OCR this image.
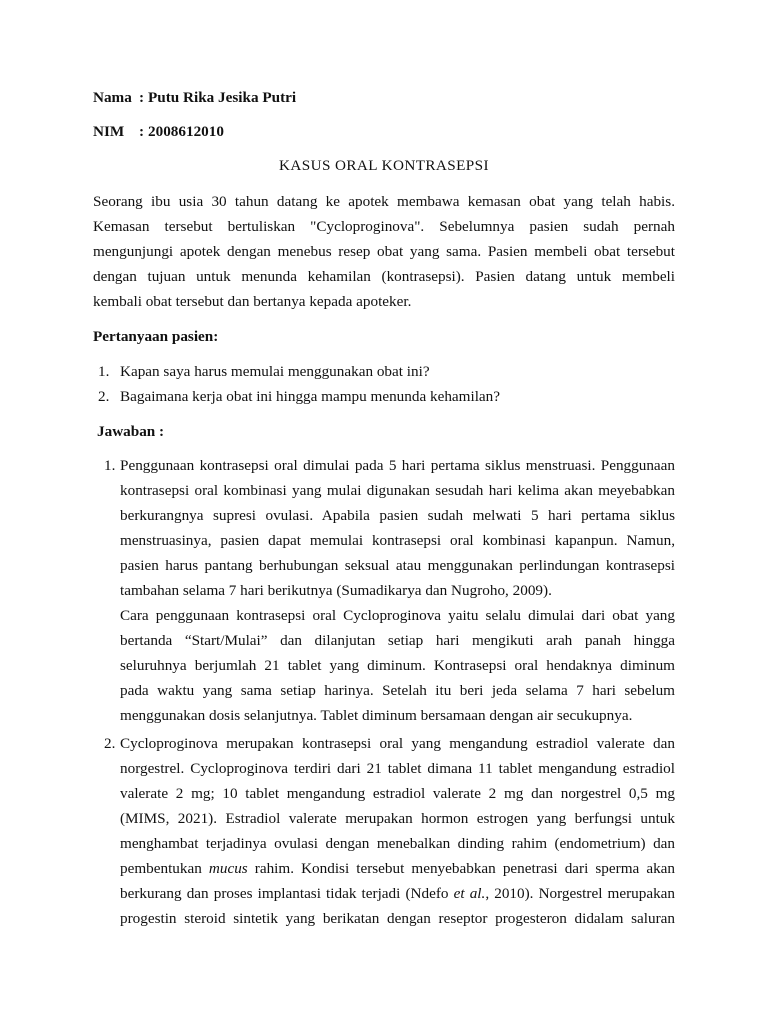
Nama : Putu Rika Jesika Putri
NIM : 2008612010
KASUS ORAL KONTRASEPSI
Seorang ibu usia 30 tahun datang ke apotek membawa kemasan obat yang telah habis.
Kemasan tersebut bertuliskan "Cycloproginova". Sebelumnya pasien sudah pernah
mengunjungi apotek dengan menebus resep obat yang sama. Pasien membeli obat tersebut
dengan tujuan untuk menunda kehamilan (kontrasepsi). Pasien datang untuk membeli
kembali obat tersebut dan bertanya kepada apoteker.
Pertanyaan pasien:
1. Kapan saya harus memulai menggunakan obat ini?
2. Bagaimana kerja obat ini hingga mampu menunda kehamilan?
Jawaban :
1. Penggunaan kontrasepsi oral dimulai pada 5 hari pertama siklus menstruasi. Penggunaan
kontrasepsi oral kombinasi yang mulai digunakan sesudah hari kelima akan meyebabkan
berkurangnya supresi ovulasi. Apabila pasien sudah melwati 5 hari pertama siklus
menstruasinya, pasien dapat memulai kontrasepsi oral kombinasi kapanpun. Namun,
pasien harus pantang berhubungan seksual atau menggunakan perlindungan kontrasepsi
tambahan selama 7 hari berikutnya (Sumadikarya dan Nugroho, 2009).
Cara penggunaan kontrasepsi oral Cycloproginova yaitu selalu dimulai dari obat yang
bertanda “Start/Mulai” dan dilanjutan setiap hari mengikuti arah panah hingga
seluruhnya berjumlah 21 tablet yang diminum. Kontrasepsi oral hendaknya diminum
pada waktu yang sama setiap harinya. Setelah itu beri jeda selama 7 hari sebelum
menggunakan dosis selanjutnya. Tablet diminum bersamaan dengan air secukupnya.
2. Cycloproginova merupakan kontrasepsi oral yang mengandung estradiol valerate dan
norgestrel. Cycloproginova terdiri dari 21 tablet dimana 11 tablet mengandung estradiol
valerate 2 mg; 10 tablet mengandung estradiol valerate 2 mg dan norgestrel 0,5 mg
(MIMS, 2021). Estradiol valerate merupakan hormon estrogen yang berfungsi untuk
menghambat terjadinya ovulasi dengan menebalkan dinding rahim (endometrium) dan
pembentukan mucus rahim. Kondisi tersebut menyebabkan penetrasi dari sperma akan
berkurang dan proses implantasi tidak terjadi (Ndefo et al., 2010). Norgestrel merupakan
progestin steroid sintetik yang berikatan dengan reseptor progesteron didalam saluran
